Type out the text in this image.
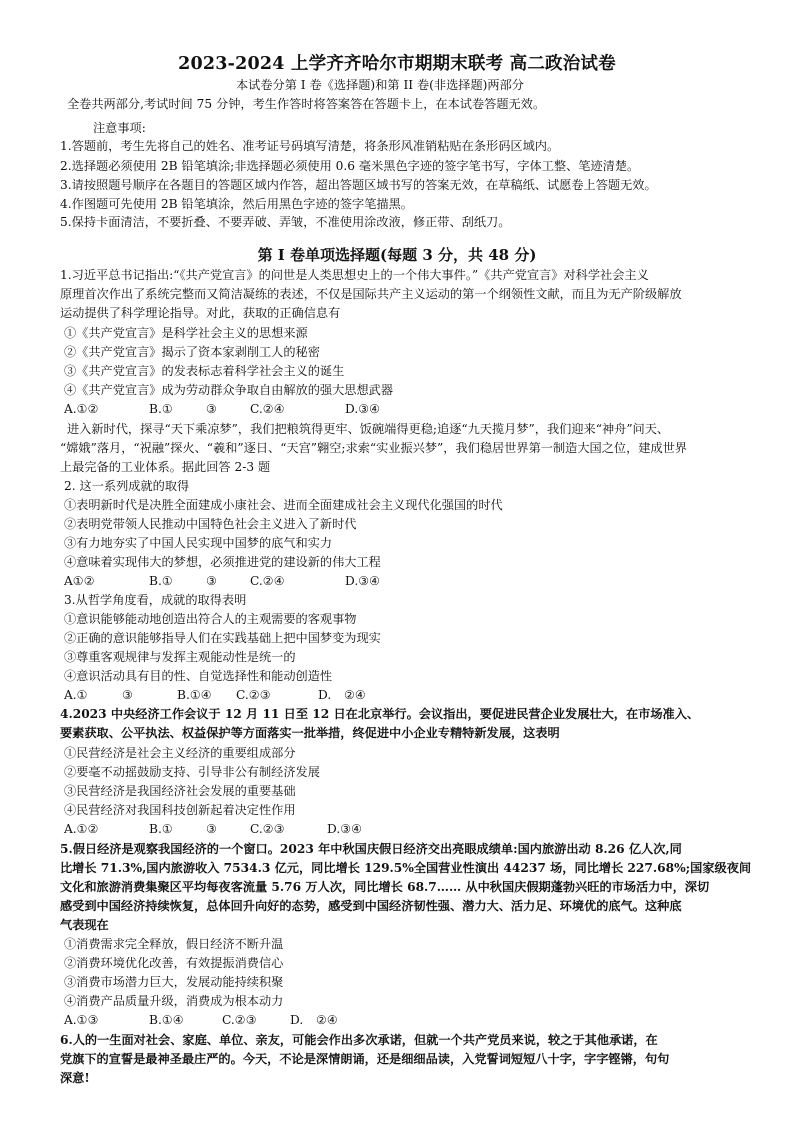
2023-2024 上学齐齐哈尔市期期末联考 高二政治试卷
本试卷分第 I 卷《选择题)和第 II 卷(非选择题)两部分
全卷共两部分,考试时间 75 分钟，考生作答时将答案答在答题卡上，在本试卷答题无效。
注意事项:
1.答题前，考生先将自己的姓名、准考证号码填写清楚，将条形风准销粘贴在条形码区域内。
2.选择题必须使用 2B 铅笔填涂;非选择题必须使用 0.6 毫米黑色字迹的签字笔书写，字体工整、笔迹清楚。
3.请按照题号顺序在各题目的答题区域内作答，超出答题区域书写的答案无效，在草稿纸、试愿卷上答题无效。
4.作图题可先使用 2B 铅笔填涂，然后用黑色字迹的签字笔描黑。
5.保持卡面清洁，不要折叠、不要弄破、弄皱，不准使用涂改液，修正带、刮纸刀。
第 I 卷单项选择题(每题 3 分，共 48 分)
1.习近平总书记指出:“《共产党宣言》的问世是人类思想史上的一个伟大事件。”《共产党宣言》对科学社会主义
原理首次作出了系统完整而又简洁凝练的表述，不仅是国际共产主义运动的第一个纲领性文献，而且为无产阶级解放
运动提供了科学理论指导。对此，获取的正确信息有
①《共产党宣言》是科学社会主义的思想来源
②《共产党宣言》揭示了资本家剥削工人的秘密
③《共产党宣言》的发表标志着科学社会主义的诞生
④《共产党宣言》成为劳动群众争取自由解放的强大思想武器
A.①②	B.①	③	C.②④	D.③④
进入新时代，探寻“天下乘凉梦”，我们把粮筑得更牢、饭碗端得更稳;追逐“九天揽月梦”，我们迎来“神舟”问天、
“嫦娥”落月，“祝融”探火、“羲和”逐日、“天宫”翱空;求索“实业振兴梦”，我们稳居世界第一制造大国之位，建成世界
上最完备的工业体系。据此回答 2-3 题
2. 这一系列成就的取得
①表明新时代是决胜全面建成小康社会、进而全面建成社会主义现代化强国的时代
②表明党带领人民推动中国特色社会主义进入了新时代
③有力地夯实了中国人民实现中国梦的底气和实力
④意味着实现伟大的梦想，必须推进党的建设新的伟大工程
A①②	B.①	③	C.②④	D.③④
3.从哲学角度看，成就的取得表明
①意识能够能动地创造出符合人的主观需要的客观事物
②正确的意识能够指导人们在实践基础上把中国梦变为现实
③尊重客观规律与发挥主观能动性是统一的
④意识活动具有目的性、自觉选择性和能动创造性
A.①	③	B.①④ C.②③	D. ②④
4.2023 中央经济工作会议于 12 月 11 日至 12 日在北京举行。会议指出，要促进民营企业发展壮大，在市场准入、
要素获取、公平执法、权益保护等方面落实一批举措，终促进中小企业专精特新发展，这表明
①民营经济是社会主义经济的重要组成部分
②要毫不动摇鼓励支持、引导非公有制经济发展
③民营经济是我国经济社会发展的重要基础
④民营经济对我国科技创新起着决定性作用
A.①②	B.①	③	C.②③	D.③④
5.假日经济是观察我国经济的一个窗口。2023 年中秋国庆假日经济交出亮眼成绩单:国内旅游出动 8.26 亿人次,同
比增长 71.3%,国内旅游收入 7534.3 亿元，同比增长 129.5%全国营业性演出 44237 场，同比增长 227.68%;国家级夜间
文化和旅游消费集聚区平均每夜客流量 5.76 万人次，同比增长 68.7…… 从中秋国庆假期蓬勃兴旺的市场活力中，深切
感受到中国经济持续恢复，总体回升向好的态势，感受到中国经济韧性强、潜力大、活力足、环境优的底气。这种底
气表现在
①消费需求完全释放，假日经济不断升温
②消费环境优化改善，有效提振消费信心
③消费市场潜力巨大，发展动能持续积聚
④消费产品质量升级，消费成为根本动力
A.①③	B.①④	C.②③	D. ②④
6.人的一生面对社会、家庭、单位、亲友，可能会作出多次承诺，但就一个共产党员来说，较之于其他承诺，在
党旗下的宣誓是最神圣最庄严的。今天，不论是深情朗诵，还是细细品读，入党誓词短短八十字，字字铿锵，句句
深意!
